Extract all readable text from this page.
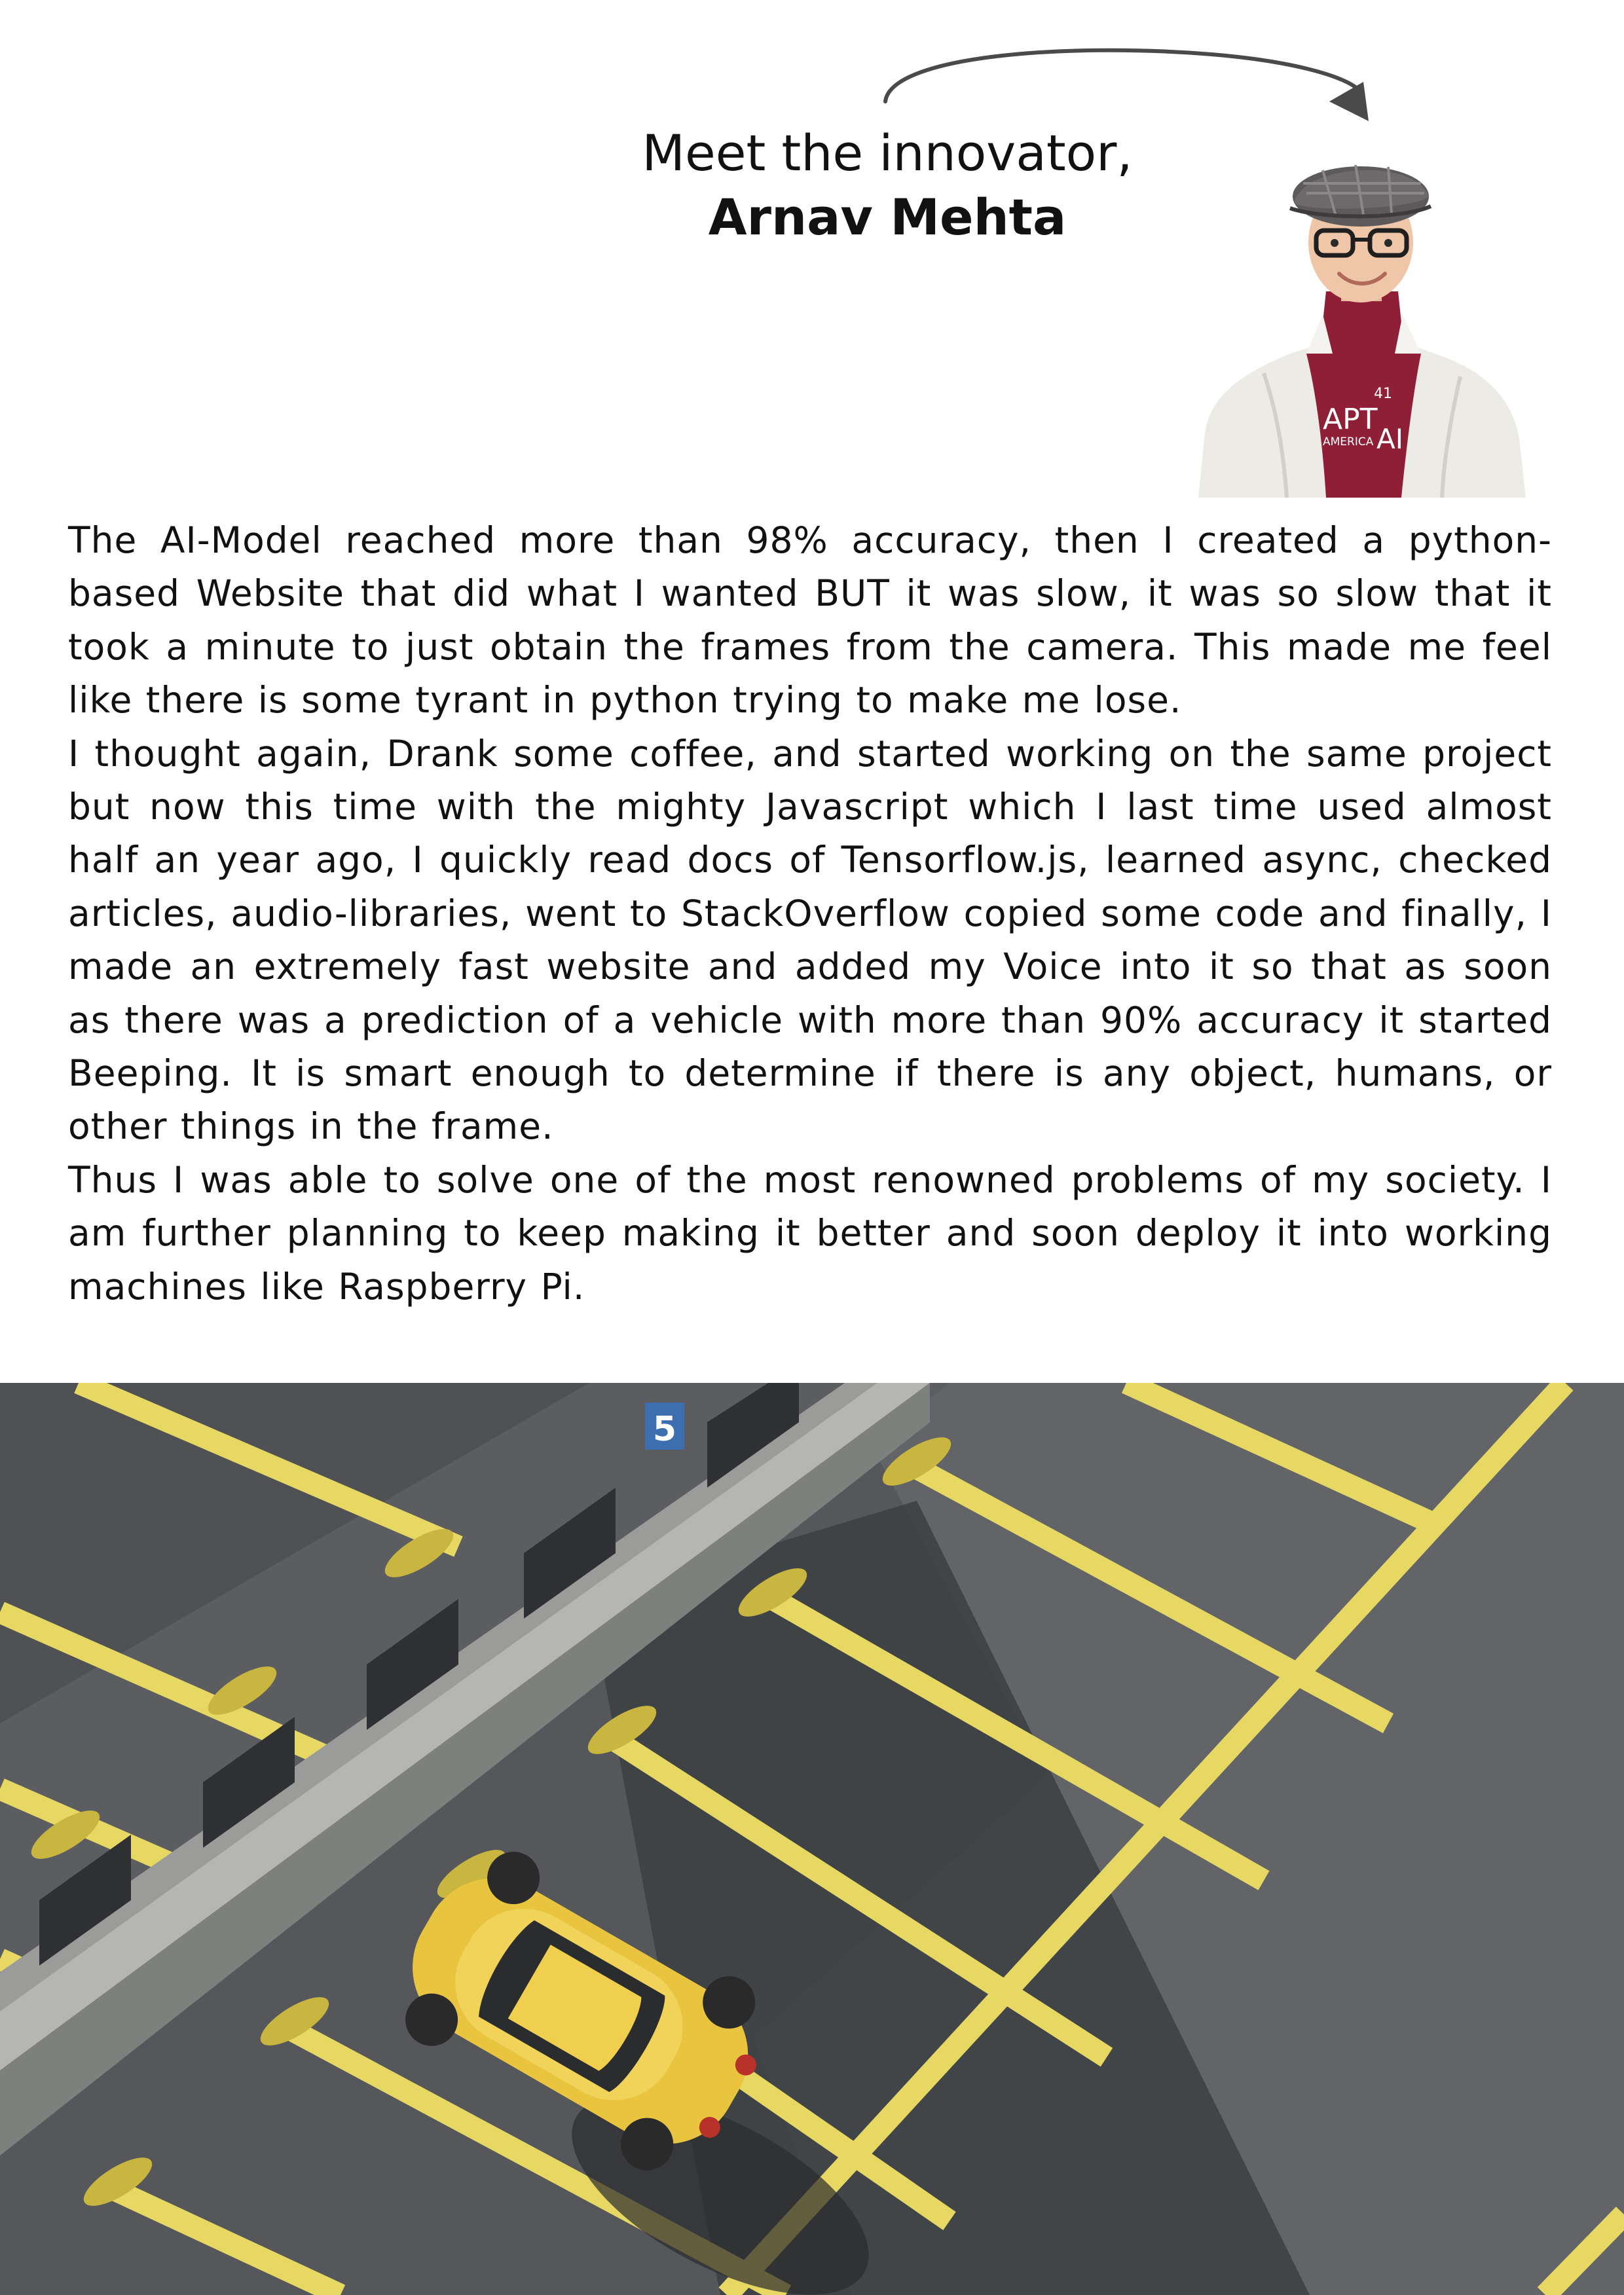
Meet the innovator,
Arnav Mehta
APT
AMERICA AI
41

The AI-Model reached more than 98% accuracy, then I created a python-based Website that did what I wanted BUT it was slow, it was so slow that it took a minute to just obtain the frames from the camera. This made me feel like there is some tyrant in python trying to make me lose.

I thought again, Drank some coffee, and started working on the same project but now this time with the mighty Javascript which I last time used almost half an year ago, I quickly read docs of Tensorflow.js, learned async, checked articles, audio-libraries, went to StackOverflow copied some code and finally, I made an extremely fast website and added my Voice into it so that as soon as there was a prediction of a vehicle with more than 90% accuracy it started Beeping. It is smart enough to determine if there is any object, humans, or other things in the frame.

Thus I was able to solve one of the most renowned problems of my society. I am further planning to keep making it better and soon deploy it into working machines like Raspberry Pi.

5
